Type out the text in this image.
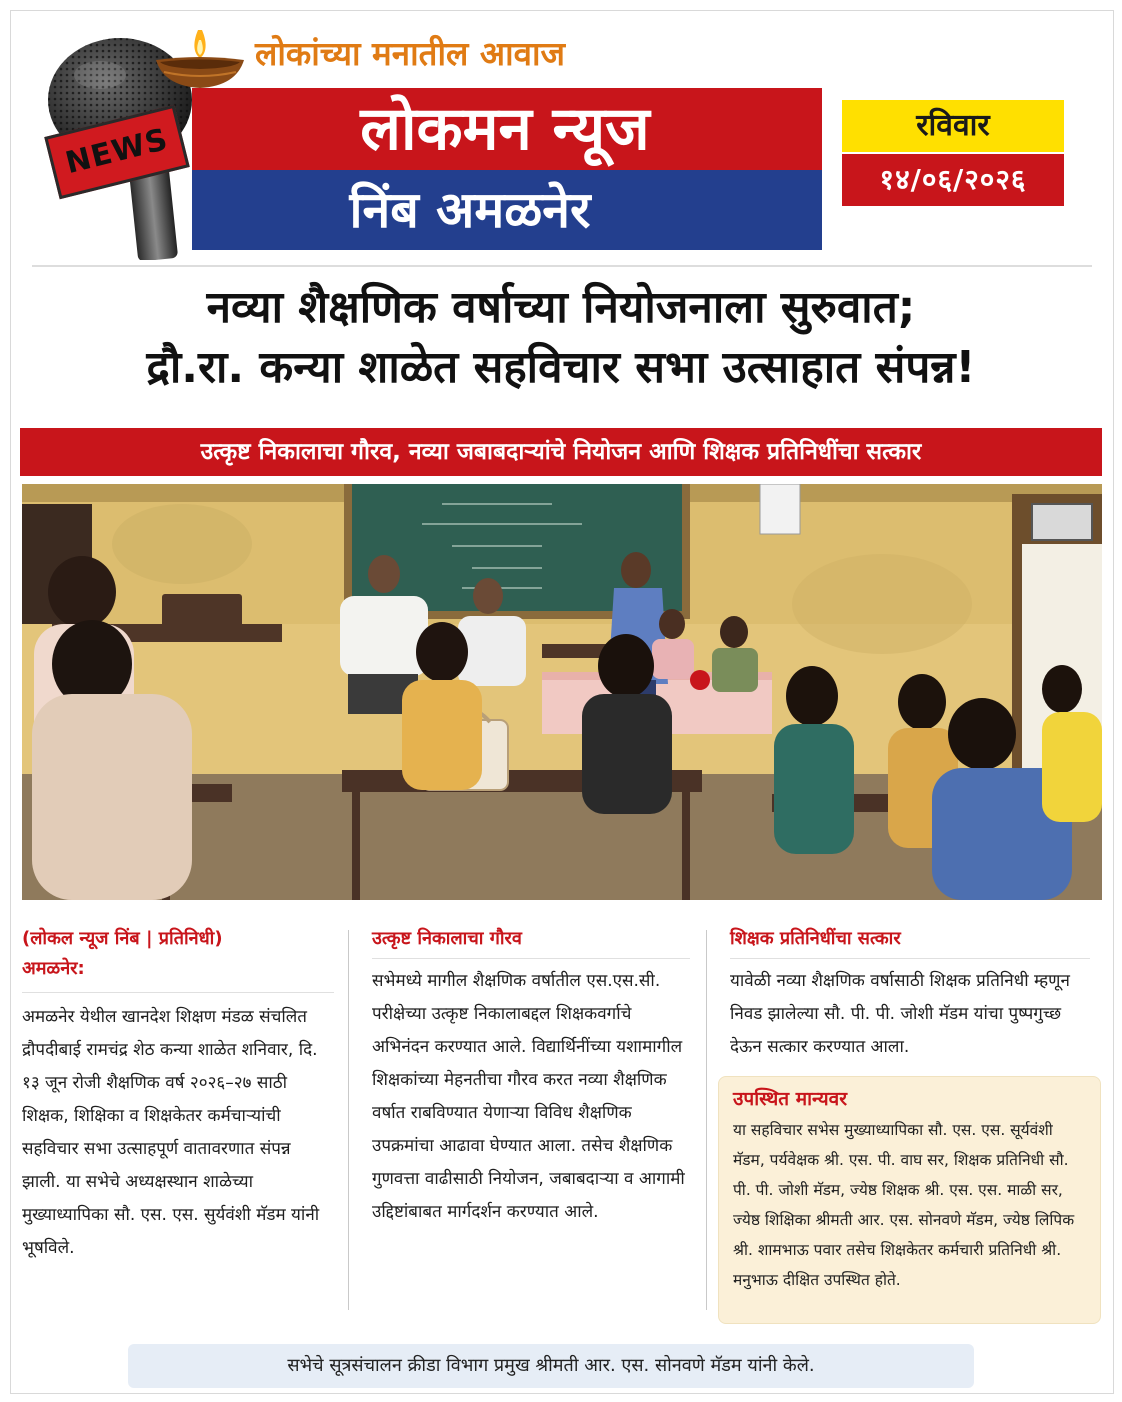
लोकांच्या मनातील आवाज
लोकमन न्यूज
निंब अमळनेर
NEWS	रविवार
१४/०६/२०२६
नव्या शैक्षणिक वर्षाच्या नियोजनाला सुरुवात;
द्रौ.रा. कन्या शाळेत सहविचार सभा उत्साहात संपन्न!
उत्कृष्ट निकालाचा गौरव, नव्या जबाबदाऱ्यांचे नियोजन आणि शिक्षक प्रतिनिधींचा सत्कार
(लोकल न्यूज निंब | प्रतिनिधी)
अमळनेर:
अमळनेर येथील खानदेश शिक्षण मंडळ संचलित द्रौपदीबाई रामचंद्र शेठ कन्या शाळेत शनिवार, दि. १३ जून रोजी शैक्षणिक वर्ष २०२६–२७ साठी शिक्षक, शिक्षिका व शिक्षकेतर कर्मचाऱ्यांची सहविचार सभा उत्साहपूर्ण वातावरणात संपन्न झाली. या सभेचे अध्यक्षस्थान शाळेच्या मुख्याध्यापिका सौ. एस. एस. सुर्यवंशी मॅडम यांनी भूषविले.
उत्कृष्ट निकालाचा गौरव
सभेमध्ये मागील शैक्षणिक वर्षातील एस.एस.सी. परीक्षेच्या उत्कृष्ट निकालाबद्दल शिक्षकवर्गाचे अभिनंदन करण्यात आले. विद्यार्थिनींच्या यशामागील शिक्षकांच्या मेहनतीचा गौरव करत नव्या शैक्षणिक वर्षात राबविण्यात येणाऱ्या विविध शैक्षणिक उपक्रमांचा आढावा घेण्यात आला. तसेच शैक्षणिक गुणवत्ता वाढीसाठी नियोजन, जबाबदाऱ्या व आगामी उद्दिष्टांबाबत मार्गदर्शन करण्यात आले.
शिक्षक प्रतिनिधींचा सत्कार
यावेळी नव्या शैक्षणिक वर्षासाठी शिक्षक प्रतिनिधी म्हणून निवड झालेल्या सौ. पी. पी. जोशी मॅडम यांचा पुष्पगुच्छ देऊन सत्कार करण्यात आला.
उपस्थित मान्यवर
या सहविचार सभेस मुख्याध्यापिका सौ. एस. एस. सूर्यवंशी मॅडम, पर्यवेक्षक श्री. एस. पी. वाघ सर, शिक्षक प्रतिनिधी सौ. पी. पी. जोशी मॅडम, ज्येष्ठ शिक्षक श्री. एस. एस. माळी सर, ज्येष्ठ शिक्षिका श्रीमती आर. एस. सोनवणे मॅडम, ज्येष्ठ लिपिक श्री. शामभाऊ पवार तसेच शिक्षकेतर कर्मचारी प्रतिनिधी श्री. मनुभाऊ दीक्षित उपस्थित होते.
सभेचे सूत्रसंचालन क्रीडा विभाग प्रमुख श्रीमती आर. एस. सोनवणे मॅडम यांनी केले.
